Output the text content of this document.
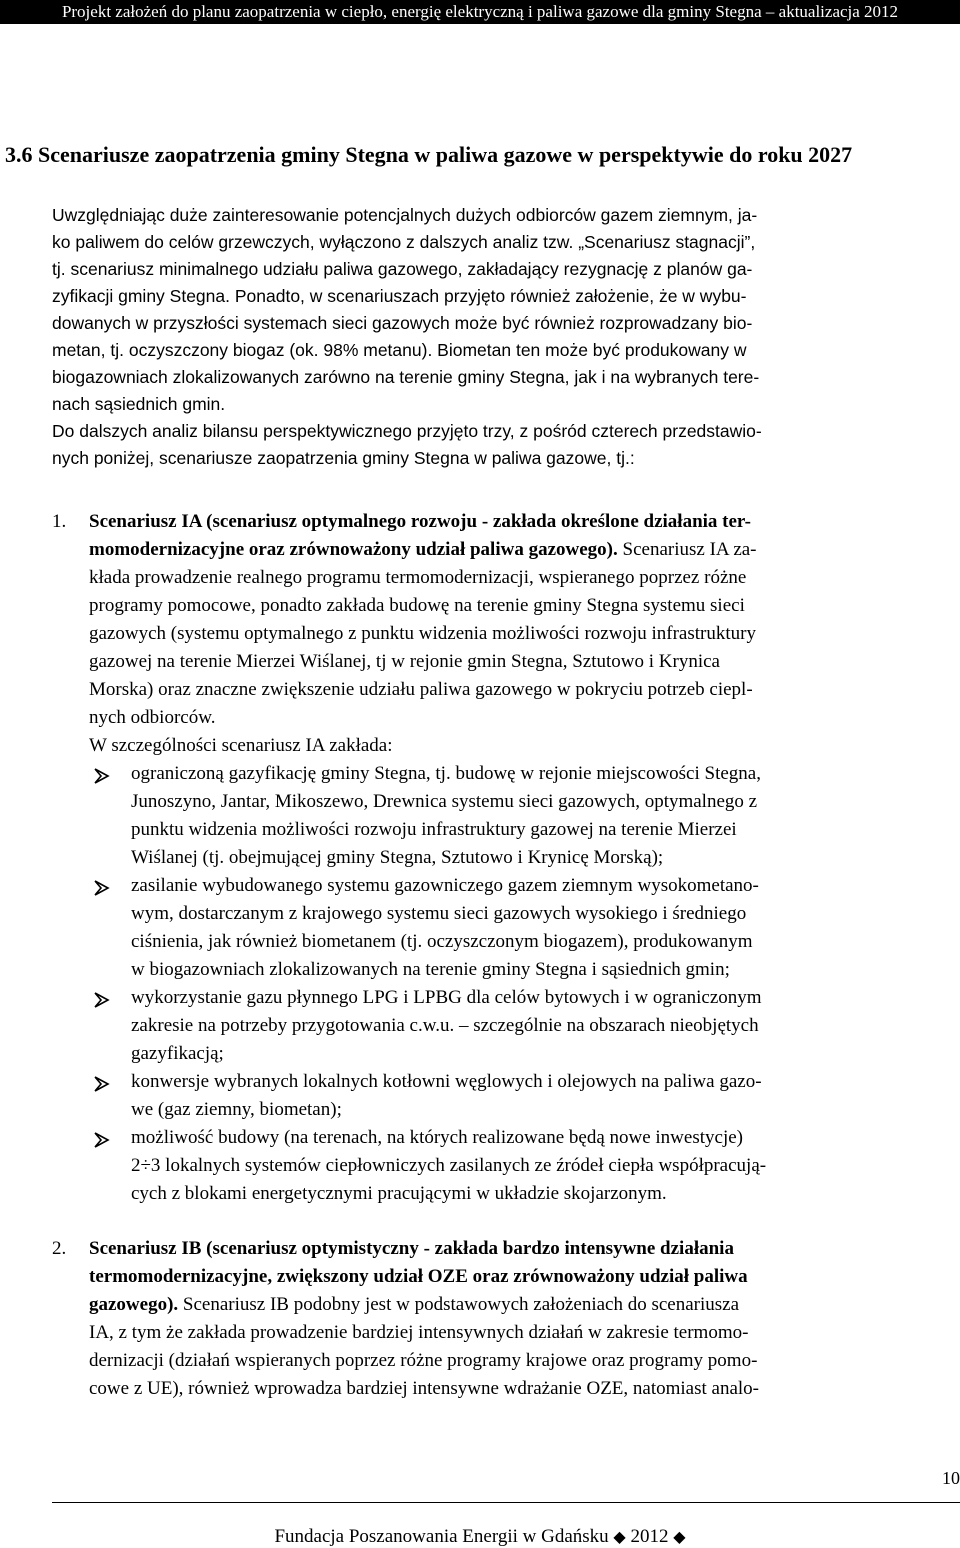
Projekt założeń do planu zaopatrzenia w ciepło, energię elektryczną i paliwa gazowe dla gminy Stegna – aktualizacja 2012
3.6 Scenariusze zaopatrzenia gminy Stegna w paliwa gazowe w perspektywie do roku 2027
Uwzględniając duże zainteresowanie potencjalnych dużych odbiorców gazem ziemnym, ja-
ko paliwem do celów grzewczych, wyłączono z dalszych analiz tzw. „Scenariusz stagnacji”,
tj. scenariusz minimalnego udziału paliwa gazowego, zakładający rezygnację z planów ga-
zyfikacji gminy Stegna. Ponadto, w scenariuszach przyjęto również założenie, że w wybu-
dowanych w przyszłości systemach sieci gazowych może być również rozprowadzany bio-
metan, tj. oczyszczony biogaz (ok. 98% metanu). Biometan ten może być produkowany w
biogazowniach zlokalizowanych zarówno na terenie gminy Stegna, jak i na wybranych tere-
nach sąsiednich gmin.
Do dalszych analiz bilansu perspektywicznego przyjęto trzy, z pośród czterech przedstawio-
nych poniżej, scenariusze zaopatrzenia gminy Stegna w paliwa gazowe, tj.:
1. Scenariusz IA (scenariusz optymalnego rozwoju - zakłada określone działania ter-
momodernizacyjne oraz zrównoważony udział paliwa gazowego). Scenariusz IA za-
kłada prowadzenie realnego programu termomodernizacji, wspieranego poprzez różne
programy pomocowe, ponadto zakłada budowę na terenie gminy Stegna systemu sieci
gazowych (systemu optymalnego z punktu widzenia możliwości rozwoju infrastruktury
gazowej na terenie Mierzei Wiślanej, tj w rejonie gmin Stegna, Sztutowo i Krynica
Morska) oraz znaczne zwiększenie udziału paliwa gazowego w pokryciu potrzeb ciepl-
nych odbiorców.
W szczególności scenariusz IA zakłada:
ograniczoną gazyfikację gminy Stegna, tj. budowę w rejonie miejscowości Stegna,
Junoszyno, Jantar, Mikoszewo, Drewnica systemu sieci gazowych, optymalnego z
punktu widzenia możliwości rozwoju infrastruktury gazowej na terenie Mierzei
Wiślanej (tj. obejmującej gminy Stegna, Sztutowo i Krynicę Morską);
zasilanie wybudowanego systemu gazowniczego gazem ziemnym wysokometano-
wym, dostarczanym z krajowego systemu sieci gazowych wysokiego i średniego
ciśnienia, jak również biometanem (tj. oczyszczonym biogazem), produkowanym
w biogazowniach zlokalizowanych na terenie gminy Stegna i sąsiednich gmin;
wykorzystanie gazu płynnego LPG i LPBG dla celów bytowych i w ograniczonym
zakresie na potrzeby przygotowania c.w.u. – szczególnie na obszarach nieobjętych
gazyfikacją;
konwersje wybranych lokalnych kotłowni węglowych i olejowych na paliwa gazo-
we (gaz ziemny, biometan);
możliwość budowy (na terenach, na których realizowane będą nowe inwestycje)
2÷3 lokalnych systemów ciepłowniczych zasilanych ze źródeł ciepła współpracują-
cych z blokami energetycznymi pracującymi w układzie skojarzonym.
2. Scenariusz IB (scenariusz optymistyczny - zakłada bardzo intensywne działania
termomodernizacyjne, zwiększony udział OZE oraz zrównoważony udział paliwa
gazowego). Scenariusz IB podobny jest w podstawowych założeniach do scenariusza
IA, z tym że zakłada prowadzenie bardziej intensywnych działań w zakresie termomo-
dernizacji (działań wspieranych poprzez różne programy krajowe oraz programy pomo-
cowe z UE), również wprowadza bardziej intensywne wdrażanie OZE, natomiast analo-
10
Fundacja Poszanowania Energii w Gdańsku ◆ 2012 ◆
